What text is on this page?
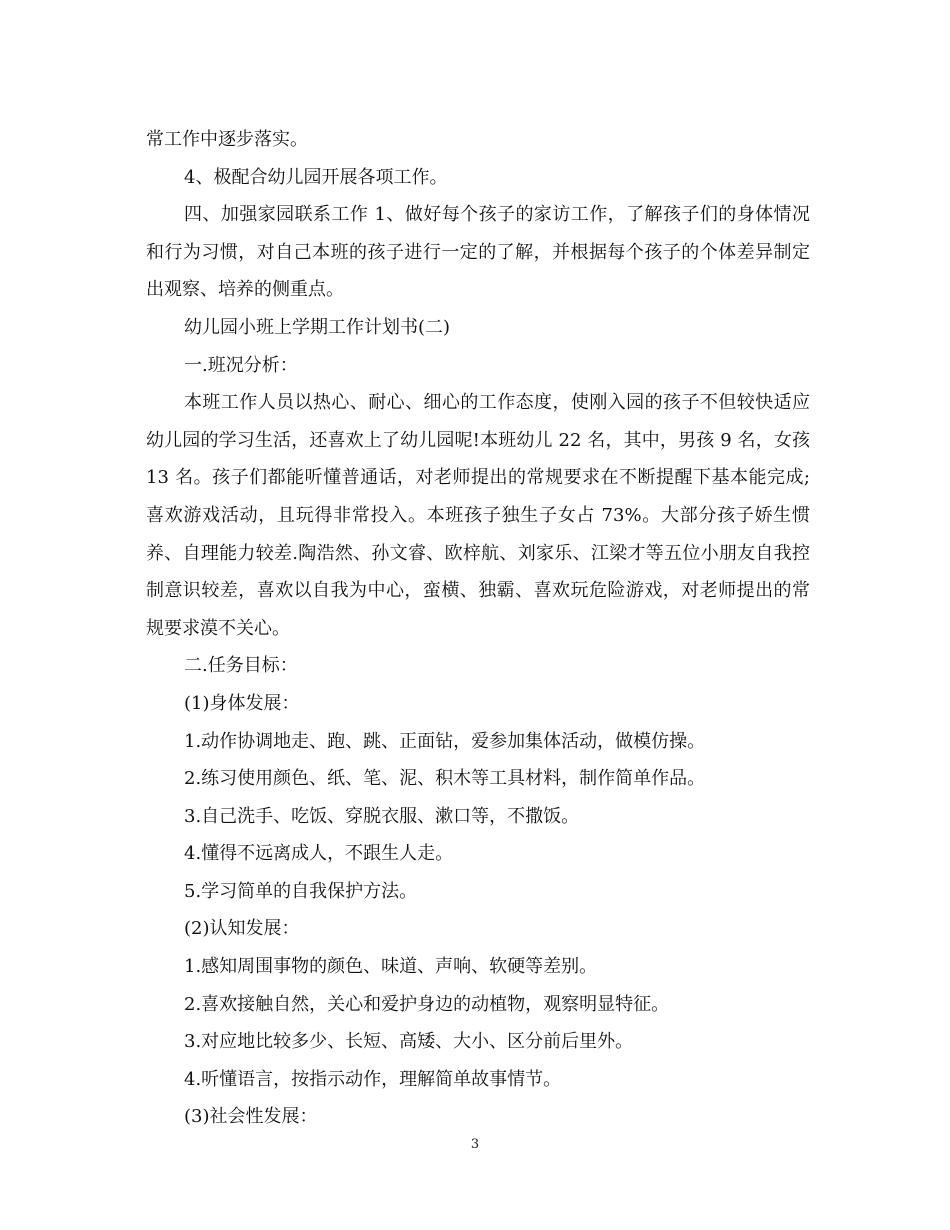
常工作中逐步落实。

4、极配合幼儿园开展各项工作。

四、加强家园联系工作 1、做好每个孩子的家访工作，了解孩子们的身体情况和行为习惯，对自己本班的孩子进行一定的了解，并根据每个孩子的个体差异制定出观察、培养的侧重点。

幼儿园小班上学期工作计划书(二)

一.班况分析：

本班工作人员以热心、耐心、细心的工作态度，使刚入园的孩子不但较快适应幼儿园的学习生活，还喜欢上了幼儿园呢!本班幼儿 22 名，其中，男孩 9 名，女孩 13 名。孩子们都能听懂普通话，对老师提出的常规要求在不断提醒下基本能完成;喜欢游戏活动，且玩得非常投入。本班孩子独生子女占 73%。大部分孩子娇生惯养、自理能力较差.陶浩然、孙文睿、欧梓航、刘家乐、江梁才等五位小朋友自我控制意识较差，喜欢以自我为中心，蛮横、独霸、喜欢玩危险游戏，对老师提出的常规要求漠不关心。

二.任务目标：

(1)身体发展：

1.动作协调地走、跑、跳、正面钻，爱参加集体活动，做模仿操。

2.练习使用颜色、纸、笔、泥、积木等工具材料，制作简单作品。

3.自己洗手、吃饭、穿脱衣服、漱口等，不撒饭。

4.懂得不远离成人，不跟生人走。

5.学习简单的自我保护方法。

(2)认知发展：

1.感知周围事物的颜色、味道、声响、软硬等差别。

2.喜欢接触自然，关心和爱护身边的动植物，观察明显特征。

3.对应地比较多少、长短、高矮、大小、区分前后里外。

4.听懂语言，按指示动作，理解简单故事情节。

(3)社会性发展：

3
